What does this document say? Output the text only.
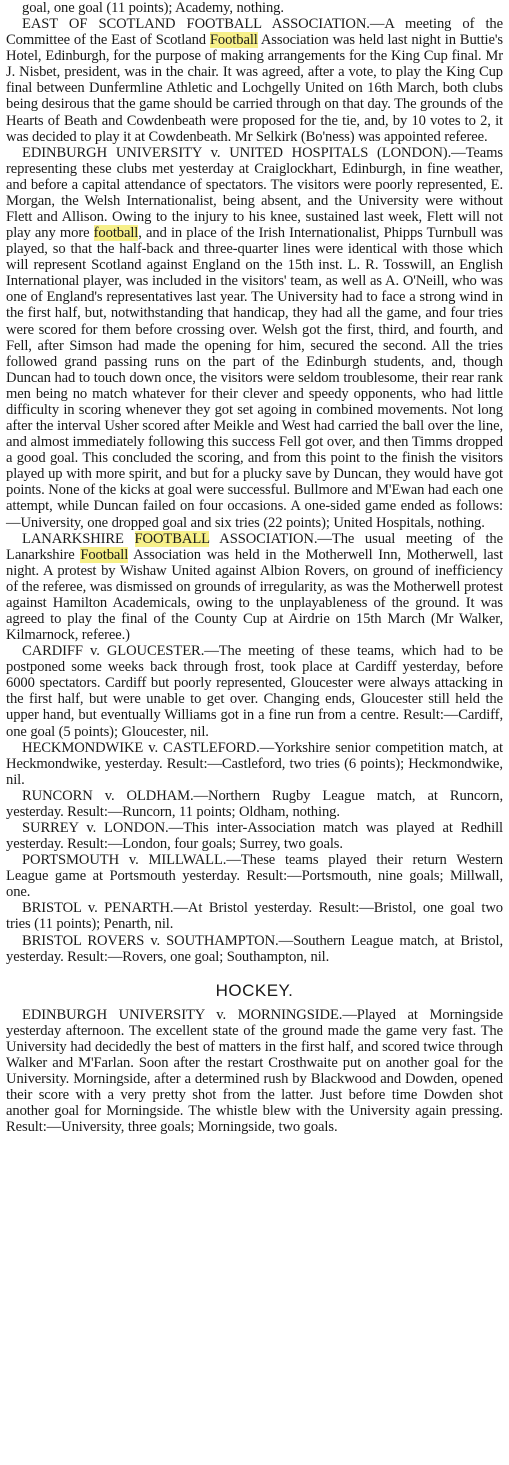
goal, one goal (11 points); Academy, nothing.

EAST OF SCOTLAND FOOTBALL ASSOCIATION.—A meeting of the Committee of the East of Scotland Football Association was held last night in Buttie's Hotel, Edinburgh, for the purpose of making arrangements for the King Cup final. Mr J. Nisbet, president, was in the chair. It was agreed, after a vote, to play the King Cup final between Dunfermline Athletic and Lochgelly United on 16th March, both clubs being desirous that the game should be carried through on that day. The grounds of the Hearts of Beath and Cowdenbeath were proposed for the tie, and, by 10 votes to 2, it was decided to play it at Cowdenbeath. Mr Selkirk (Bo'ness) was appointed referee.

EDINBURGH UNIVERSITY v. UNITED HOSPITALS (LONDON).—Teams representing these clubs met yesterday at Craiglockhart, Edinburgh, in fine weather, and before a capital attendance of spectators. The visitors were poorly represented, E. Morgan, the Welsh Internationalist, being absent, and the University were without Flett and Allison. Owing to the injury to his knee, sustained last week, Flett will not play any more football, and in place of the Irish Internationalist, Phipps Turnbull was played, so that the half-back and three-quarter lines were identical with those which will represent Scotland against England on the 15th inst. L. R. Tosswill, an English International player, was included in the visitors' team, as well as A. O'Neill, who was one of England's representatives last year. The University had to face a strong wind in the first half, but, notwithstanding that handicap, they had all the game, and four tries were scored for them before crossing over. Welsh got the first, third, and fourth, and Fell, after Simson had made the opening for him, secured the second. All the tries followed grand passing runs on the part of the Edinburgh students, and, though Duncan had to touch down once, the visitors were seldom troublesome, their rear rank men being no match whatever for their clever and speedy opponents, who had little difficulty in scoring whenever they got set agoing in combined movements. Not long after the interval Usher scored after Meikle and West had carried the ball over the line, and almost immediately following this success Fell got over, and then Timms dropped a good goal. This concluded the scoring, and from this point to the finish the visitors played up with more spirit, and but for a plucky save by Duncan, they would have got points. None of the kicks at goal were successful. Bullmore and M'Ewan had each one attempt, while Duncan failed on four occasions. A one-sided game ended as follows:—University, one dropped goal and six tries (22 points); United Hospitals, nothing.

LANARKSHIRE FOOTBALL ASSOCIATION.—The usual meeting of the Lanarkshire Football Association was held in the Motherwell Inn, Motherwell, last night. A protest by Wishaw United against Albion Rovers, on ground of inefficiency of the referee, was dismissed on grounds of irregularity, as was the Motherwell protest against Hamilton Academicals, owing to the unplayableness of the ground. It was agreed to play the final of the County Cup at Airdrie on 15th March (Mr Walker, Kilmarnock, referee.)

CARDIFF v. GLOUCESTER.—The meeting of these teams, which had to be postponed some weeks back through frost, took place at Cardiff yesterday, before 6000 spectators. Cardiff but poorly represented, Gloucester were always attacking in the first half, but were unable to get over. Changing ends, Gloucester still held the upper hand, but eventually Williams got in a fine run from a centre. Result:—Cardiff, one goal (5 points); Gloucester, nil.

HECKMONDWIKE v. CASTLEFORD.—Yorkshire senior competition match, at Heckmondwike, yesterday. Result:—Castleford, two tries (6 points); Heckmondwike, nil.

RUNCORN v. OLDHAM.—Northern Rugby League match, at Runcorn, yesterday. Result:—Runcorn, 11 points; Oldham, nothing.

SURREY v. LONDON.—This inter-Association match was played at Redhill yesterday. Result:—London, four goals; Surrey, two goals.

PORTSMOUTH v. MILLWALL.—These teams played their return Western League game at Portsmouth yesterday. Result:—Portsmouth, nine goals; Millwall, one.

BRISTOL v. PENARTH.—At Bristol yesterday. Result:—Bristol, one goal two tries (11 points); Penarth, nil.

BRISTOL ROVERS v. SOUTHAMPTON.—Southern League match, at Bristol, yesterday. Result:—Rovers, one goal; Southampton, nil.

HOCKEY.

EDINBURGH UNIVERSITY v. MORNINGSIDE.—Played at Morningside yesterday afternoon. The excellent state of the ground made the game very fast. The University had decidedly the best of matters in the first half, and scored twice through Walker and M'Farlan. Soon after the restart Crosthwaite put on another goal for the University. Morningside, after a determined rush by Blackwood and Dowden, opened their score with a very pretty shot from the latter. Just before time Dowden shot another goal for Morningside. The whistle blew with the University again pressing. Result:—University, three goals; Morningside, two goals.
